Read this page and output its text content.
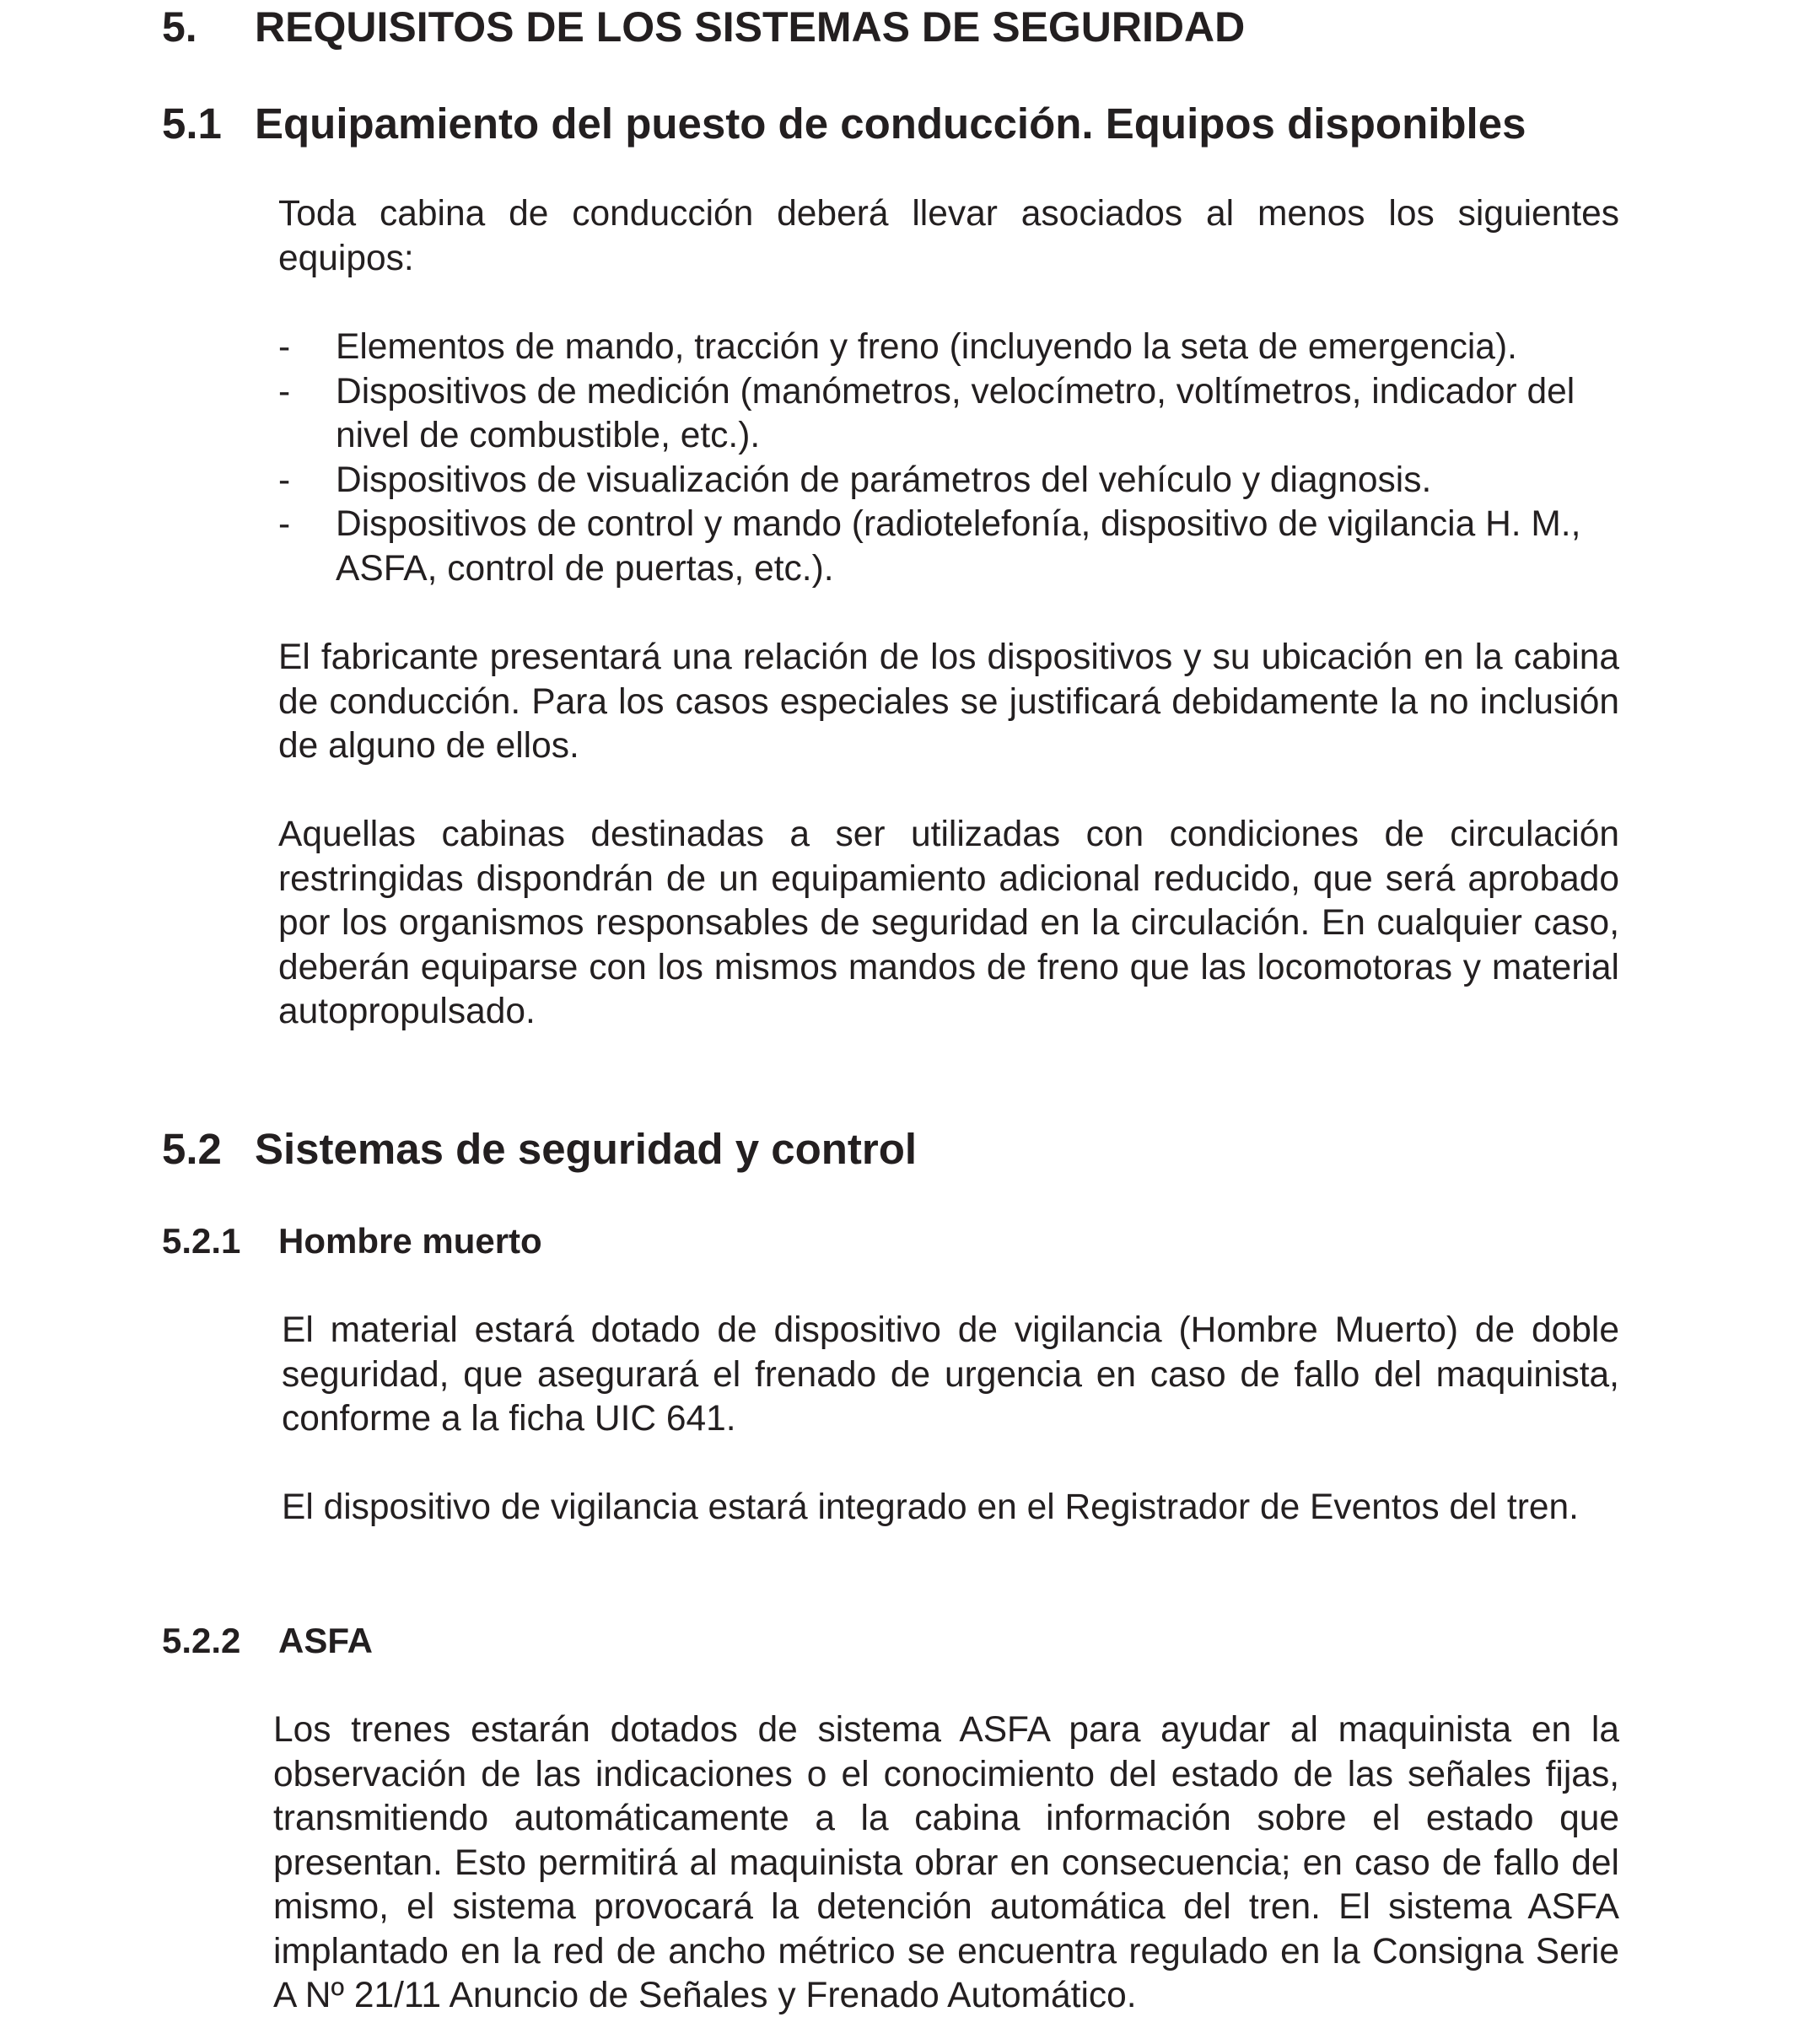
5. REQUISITOS DE LOS SISTEMAS DE SEGURIDAD
5.1 Equipamiento del puesto de conducción. Equipos disponibles

Toda cabina de conducción deberá llevar asociados al menos los siguientes equipos:

- Elementos de mando, tracción y freno (incluyendo la seta de emergencia).
- Dispositivos de medición (manómetros, velocímetro, voltímetros, indicador del nivel de combustible, etc.).
- Dispositivos de visualización de parámetros del vehículo y diagnosis.
- Dispositivos de control y mando (radiotelefonía, dispositivo de vigilancia H. M., ASFA, control de puertas, etc.).

El fabricante presentará una relación de los dispositivos y su ubicación en la cabina de conducción. Para los casos especiales se justificará debidamente la no inclusión de alguno de ellos.

Aquellas cabinas destinadas a ser utilizadas con condiciones de circulación restringidas dispondrán de un equipamiento adicional reducido, que será aprobado por los organismos responsables de seguridad en la circulación. En cualquier caso, deberán equiparse con los mismos mandos de freno que las locomotoras y material autopropulsado.

5.2 Sistemas de seguridad y control
5.2.1 Hombre muerto

El material estará dotado de dispositivo de vigilancia (Hombre Muerto) de doble seguridad, que asegurará el frenado de urgencia en caso de fallo del maquinista, conforme a la ficha UIC 641.

El dispositivo de vigilancia estará integrado en el Registrador de Eventos del tren.

5.2.2 ASFA

Los trenes estarán dotados de sistema ASFA para ayudar al maquinista en la observación de las indicaciones o el conocimiento del estado de las señales fijas, transmitiendo automáticamente a la cabina información sobre el estado que presentan. Esto permitirá al maquinista obrar en consecuencia; en caso de fallo del mismo, el sistema provocará la detención automática del tren. El sistema ASFA implantado en la red de ancho métrico se encuentra regulado en la Consigna Serie A Nº 21/11 Anuncio de Señales y Frenado Automático.
